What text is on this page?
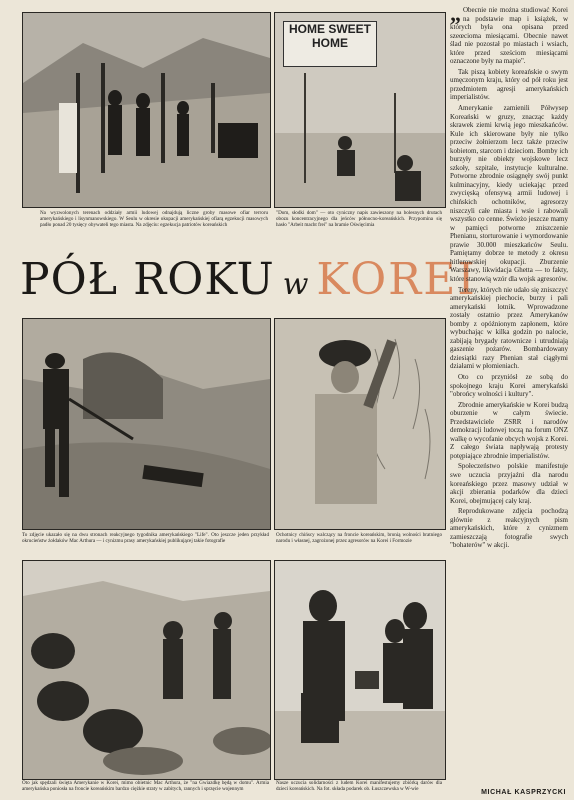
Na wyzwolonych terenach oddziały armii ludowej odnajdują liczne groby masowe ofiar terroru amerykańskiego i lisynmanowskiego. W Seulu w okresie okupacji amerykańskiej ofiarą egzekucji masowych padło ponad 20 tysięcy obywateli tego miasta. Na zdjęciu: egzekucja patriotów koreańskich
HOME SWEET HOME
"Dom, słodki dom" — oto cyniczny napis zawieszony na bolesnych drutach obozu koncentracyjnego dla jeńców północno-koreańskich. Przypomina się hasło "Arbeit macht frei" na bramie Oświęcimia
PÓŁ ROKU w KOREI
To zdjęcie ukazało się na dwu stronach reakcyjnego tygodnika amerykańskiego "Life". Oto jeszcze jeden przykład okrucieństw żołdaków Mac Arthura — i cynizmu prasy amerykańskiej publikującej takie fotografie
Ochotnicy chińscy walczący na froncie koreańskim, bronią wolności bratniego narodu i własnej, zagrożonej przez agresorów na Korei i Formozie
Oto jak spędzali święta Amerykanie w Korei, mimo obietnic Mac Arthura, że "na Gwiazdkę będą w domu". Armia amerykańska poniosła na froncie koreańskim bardzo ciężkie straty w zabitych, rannych i sprzęcie wojennym
Nasze uczucia solidarności z ludem Korei manifestujemy zbiórką darów dla dzieci koreańskich. Na fot. składa podarek ob. Łuszczewska w W-wie

„ Obecnie nie można studiować Korei na podstawie map i książek, w których była ona opisana przed szeœcioma miesiącami. Obecnie nawet ślad nie pozostał po miastach i wsiach, które przed sześciom miesiącami oznaczone były na mapie".

Tak piszą kobiety koreańskie o swym umęczonym kraju, który od pół roku jest przedmiotem agresji amerykańskich imperialistów.

Amerykanie zamienili Półwysep Koreański w gruzy, znacząc każdy skrawek ziemi krwią jego mieszkańców. Kule ich skierowane były nie tylko przeciw żołnierzom lecz także przeciw kobietom, starcom i dzieciom. Bomby ich burzyły nie obiekty wojskowe lecz szkoły, szpitale, instytucje kulturalne. Potworne zbrodnie osiągnęły swój punkt kulminacyjny, kiedy uciekając przed zwycięską ofensywą armii ludowej i chińskich ochotników, agresorzy niszczyli całe miasta i wsie i rabowali wszystko co cenne. Świeżo jeszcze mamy w pamięci potworne zniszczenie Phenianu, storturowanie i wymordowanie prawie 30.000 mieszkańców Seulu. Pamiętamy dobrze te metody z okresu hitlerowskiej okupacji. Zburzenie Warszawy, likwidacja Ghetta — to fakty, które stanowią wzór dla wojsk agresorów.

Tereny, których nie udało się zniszczyć amerykańskiej piechocie, burzy i pali amerykański lotnik. Wprowadzone zostały ostatnio przez Amerykanów bomby z opóźnionym zapłonem, które wybuchając w kilka godzin po nalocie, zabijają brygady ratownicze i utrudniają gaszenie pożarów. Bombardowany dziesiątki razy Phenian stał ciągłymi działami w płomieniach.

Oto co przyniósł ze sobą do spokojnego kraju Korei amerykański "obrońcy wolności i kultury".

Zbrodnie amerykańskie w Korei budzą oburzenie w całym świecie. Przedstawiciele ZSRR i narodów demokracji ludowej toczą na forum ONZ walkę o wycofanie obcych wojsk z Korei. Z całego świata napływają protesty potępiające zbrodnie imperialistów.

Społeczeństwo polskie manifestuje swe uczucia przyjaźni dla narodu koreańskiego przez masowy udział w akcji zbierania podarków dla dzieci Korei, obejmującej cały kraj.

Reprodukowane zdjęcia pochodzą głównie z reakcyjnych pism amerykańskich, które z cynizmem zamieszczają fotografie swych "bohaterów" w akcji.

MICHAŁ KASPRZYCKI
